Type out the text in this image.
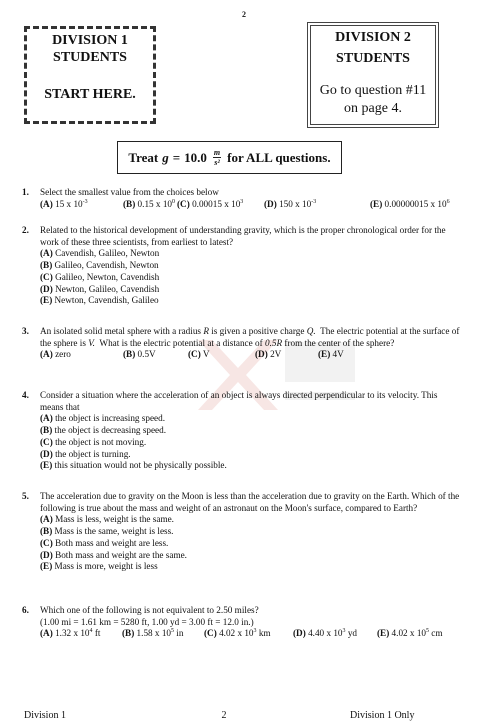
2
DIVISION 1
STUDENTS
START HERE.
DIVISION 2
STUDENTS
Go to question #11
on page 4.
Treat $g = 10.0 \frac{m}{\text{s²}}$ for ALL questions.
1. Select the smallest value from the choices below
(A) 15 x $10^{-3}$	(B) 0.15 x $10^0$ (C) 0.00015 x $10^3$	(D) 150 x $10^{-3}$	(E) 0.00000015 x $10^6$
2. Related to the historical development of understanding gravity, which is the proper chronological order for the work of these three scientists, from earliest to latest?
(A) Cavendish, Galileo, Newton
(B) Galileo, Cavendish, Newton
(C) Galileo, Newton, Cavendish
(D) Newton, Galileo, Cavendish
(E) Newton, Cavendish, Galileo
3. An isolated solid metal sphere with a radius R is given a positive charge Q. The electric potential at the surface of the sphere is V. What is the electric potential at a distance of 0.5R from the center of the sphere?
(A) zero	(B) 0.5V	(C) V	(D) 2V	(E) 4V
4. Consider a situation where the acceleration of an object is always directed perpendicular to its velocity. This means that
(A) the object is increasing speed.
(B) the object is decreasing speed.
(C) the object is not moving.
(D) the object is turning.
(E) this situation would not be physically possible.
5. The acceleration due to gravity on the Moon is less than the acceleration due to gravity on the Earth. Which of the following is true about the mass and weight of an astronaut on the Moon's surface, compared to Earth?
(A) Mass is less, weight is the same.
(B) Mass is the same, weight is less.
(C) Both mass and weight are less.
(D) Both mass and weight are the same.
(E) Mass is more, weight is less
6. Which one of the following is not equivalent to 2.50 miles?
(1.00 mi = 1.61 km = 5280 ft, 1.00 yd = 3.00 ft = 12.0 in.)
(A) 1.32 x $10^4$ ft	(B) 1.58 x $10^5$ in	(C) 4.02 x $10^3$ km	(D) 4.40 x $10^3$ yd	(E) 4.02 x $10^5$ cm
Division 1	2	Division 1 Only
